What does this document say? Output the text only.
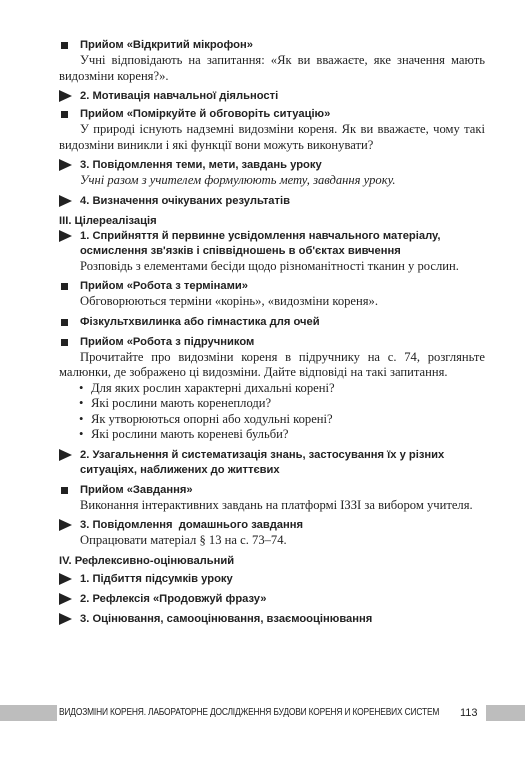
Прийом «Відкритий мікрофон»
Учні відповідають на запитання: «Як ви вважаєте, яке значення мають видозміни кореня?».
2. Мотивація навчальної діяльності
Прийом «Поміркуйте й обговоріть ситуацію»
У природі існують надземні видозміни кореня. Як ви вважаєте, чому такі видозміни виникли і які функції вони можуть виконувати?
3. Повідомлення теми, мети, завдань уроку
Учні разом з учителем формулюють мету, завдання уроку.
4. Визначення очікуваних результатів
ІІІ. Цілереалізація
1. Сприйняття й первинне усвідомлення навчального матеріалу, осмислення зв'язків і співвідношень в об'єктах вивчення
Розповідь з елементами бесіди щодо різноманітності тканин у рослин.
Прийом «Робота з термінами»
Обговорюються терміни «корінь», «видозміни кореня».
Фізкультхвилинка або гімнастика для очей
Прийом «Робота з підручником
Прочитайте про видозміни кореня в підручнику на с. 74, розгляньте малюнки, де зображено ці видозміни. Дайте відповіді на такі запитання.
• Для яких рослин характерні дихальні корені?
• Які рослини мають коренеплоди?
• Як утворюються опорні або ходульні корені?
• Які рослини мають кореневі бульби?
2. Узагальнення й систематизація знань, застосування їх у різних ситуаціях, наближених до життєвих
Прийом «Завдання»
Виконання інтерактивних завдань на платформі ІЗЗІ за вибором учителя.
3. Повідомлення  домашнього завдання
Опрацювати матеріал § 13 на с. 73–74.
IV. Рефлексивно-оцінювальний
1. Підбиття підсумків уроку
2. Рефлексія «Продовжуй фразу»
3. Оцінювання, самооцінювання, взаємооцінювання
ВИДОЗМІНИ КОРЕНЯ. ЛАБОРАТОРНЕ ДОСЛІДЖЕННЯ БУДОВИ КОРЕНЯ И КОРЕНЕВИХ СИСТЕМ 113
